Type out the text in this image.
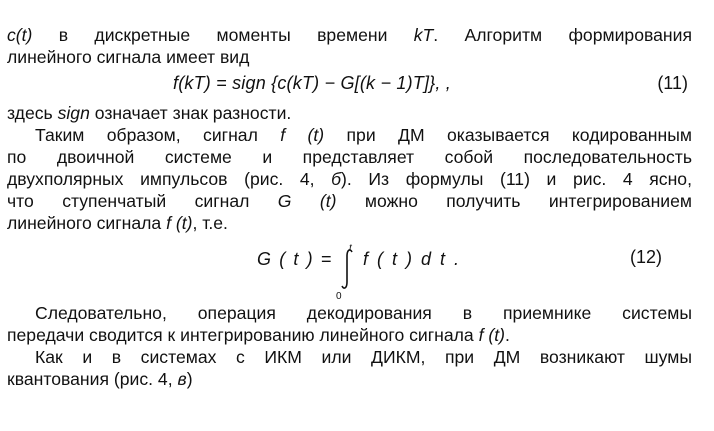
c(t) в дискретные моменты времени kT. Алгоритм формирования
линейного сигнала имеет вид
f(kT) = sign {c(kT) − G[(k − 1)T]}, ,	(11)
здесь sign означает знак разности.
Таким образом, сигнал f (t) при ДМ оказывается кодированным
по двоичной системе и представляет собой последовательность
двухполярных импульсов (рис. 4, б). Из формулы (11) и рис. 4 ясно,
что ступенчатый сигнал G (t) можно получить интегрированием
линейного сигнала f (t), т.е.
G ( t ) =
t
0
f ( t ) d t .	(12)
Следовательно, операция декодирования в приемнике системы
передачи сводится к интегрированию линейного сигнала f (t).
Как и в системах с ИКМ или ДИКМ, при ДМ возникают шумы
квантования (рис. 4, в)
